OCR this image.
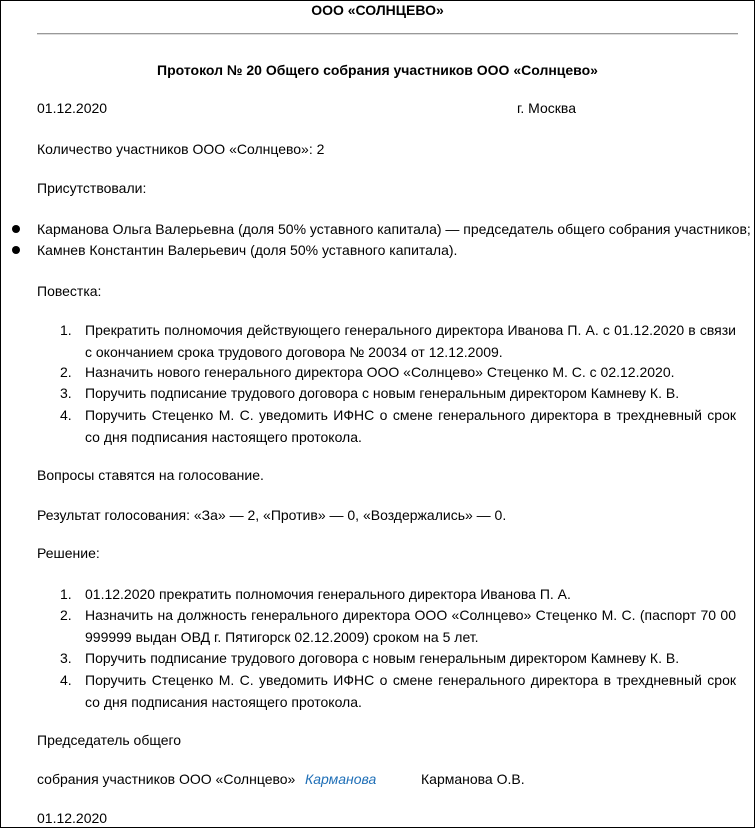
ООО «СОЛНЦЕВО»
Протокол № 20 Общего собрания участников ООО «Солнцево»
01.12.2020	г. Москва
Количество участников ООО «Солнцево»: 2
Присутствовали:
Карманова Ольга Валерьевна (доля 50% уставного капитала) — председатель общего собрания участников;
Камнев Константин Валерьевич (доля 50% уставного капитала).
Повестка:
1. Прекратить полномочия действующего генерального директора Иванова П. А. с 01.12.2020 в связи с окончанием срока трудового договора № 20034 от 12.12.2009.
2. Назначить нового генерального директора ООО «Солнцево» Стеценко М. С. с 02.12.2020.
3. Поручить подписание трудового договора с новым генеральным директором Камневу К. В.
4. Поручить Стеценко М. С. уведомить ИФНС о смене генерального директора в трехдневный срок со дня подписания настоящего протокола.
Вопросы ставятся на голосование.
Результат голосования: «За» — 2, «Против» — 0, «Воздержались» — 0.
Решение:
1. 01.12.2020 прекратить полномочия генерального директора Иванова П. А.
2. Назначить на должность генерального директора ООО «Солнцево» Стеценко М. С. (паспорт 70 00 999999 выдан ОВД г. Пятигорск 02.12.2009) сроком на 5 лет.
3. Поручить подписание трудового договора с новым генеральным директором Камневу К. В.
4. Поручить Стеценко М. С. уведомить ИФНС о смене генерального директора в трехдневный срок со дня подписания настоящего протокола.
Председатель общего
собрания участников ООО «Солнцево» Карманова	Карманова О.В.
01.12.2020
